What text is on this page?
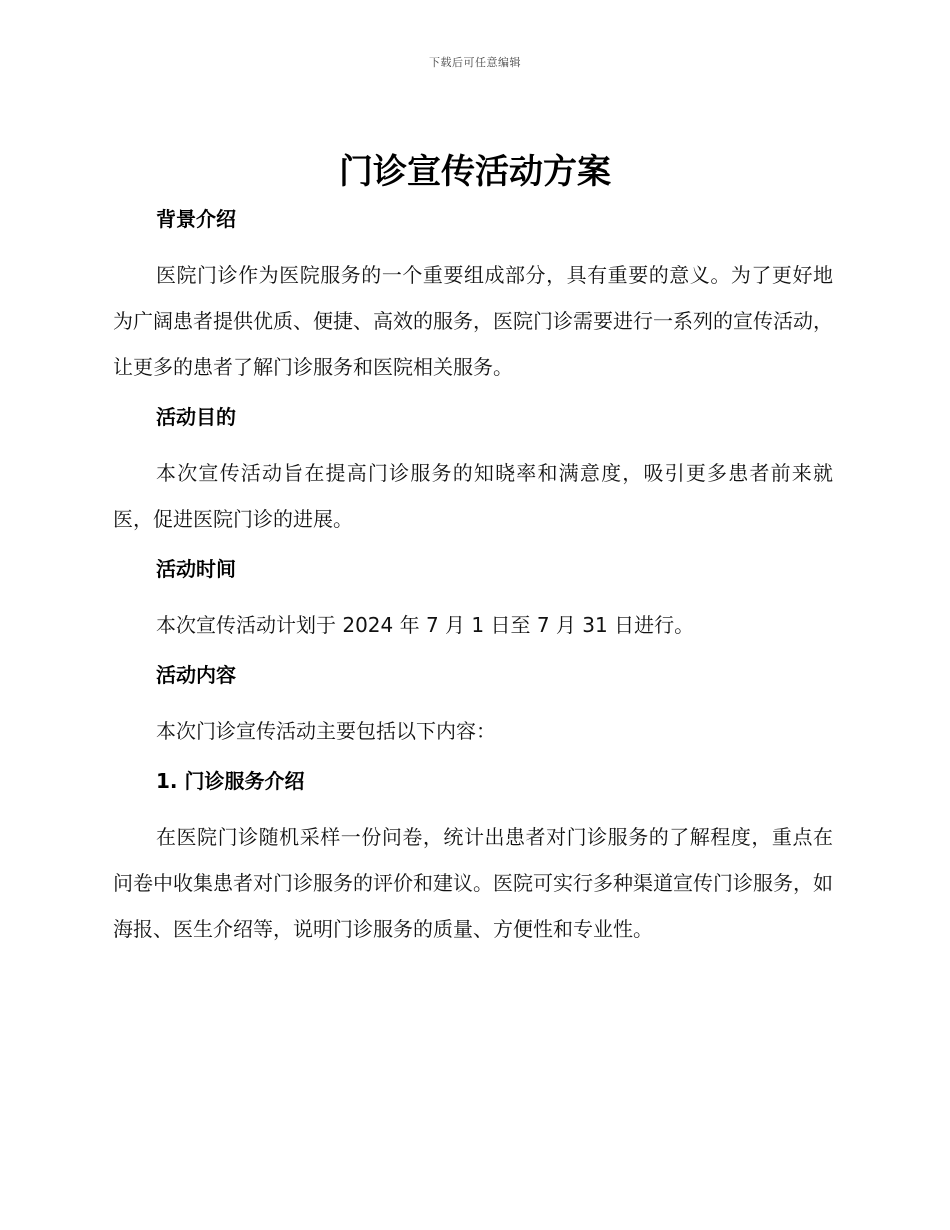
下载后可任意编辑
门诊宣传活动方案
背景介绍

医院门诊作为医院服务的一个重要组成部分，具有重要的意义。为了更好地为广阔患者提供优质、便捷、高效的服务，医院门诊需要进行一系列的宣传活动，让更多的患者了解门诊服务和医院相关服务。

活动目的

本次宣传活动旨在提高门诊服务的知晓率和满意度，吸引更多患者前来就医，促进医院门诊的进展。

活动时间

本次宣传活动计划于 2024 年 7 月 1 日至 7 月 31 日进行。

活动内容

本次门诊宣传活动主要包括以下内容：

1. 门诊服务介绍

在医院门诊随机采样一份问卷，统计出患者对门诊服务的了解程度，重点在问卷中收集患者对门诊服务的评价和建议。医院可实行多种渠道宣传门诊服务，如海报、医生介绍等，说明门诊服务的质量、方便性和专业性。
